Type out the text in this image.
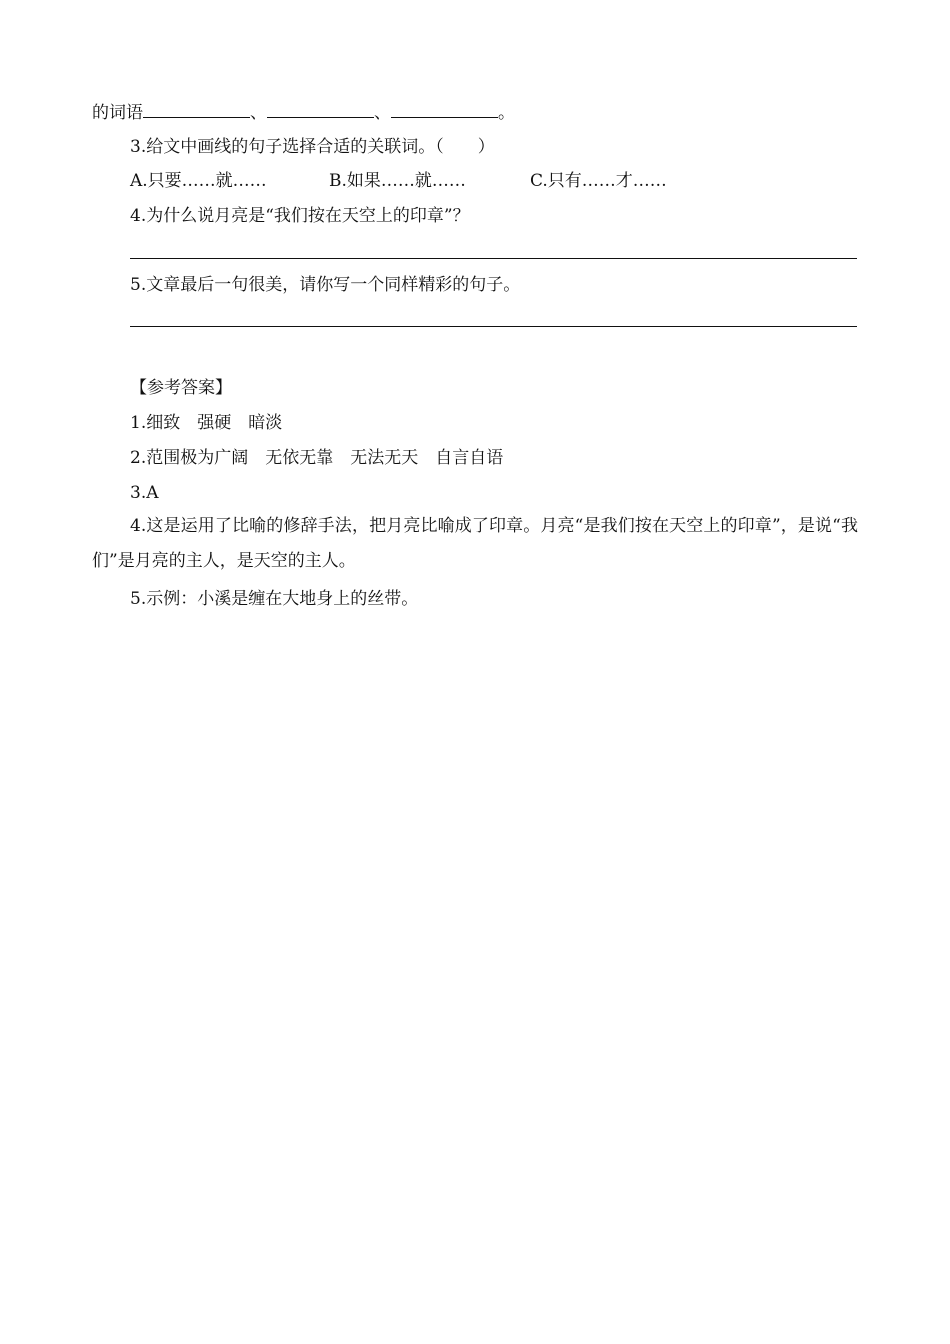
的词语	、	、	。
3.给文中画线的句子选择合适的关联词。（　　）
A.只要……就……	B.如果……就……	C.只有……才……
4.为什么说月亮是“我们按在天空上的印章”？
5.文章最后一句很美，请你写一个同样精彩的句子。
【参考答案】
1.细致　强硬　暗淡
2.范围极为广阔　无依无靠　无法无天　自言自语
3.A
4.这是运用了比喻的修辞手法，把月亮比喻成了印章。月亮“是我们按在天空上的印章”，是说“我们”是月亮的主人，是天空的主人。
5.示例：小溪是缠在大地身上的丝带。
